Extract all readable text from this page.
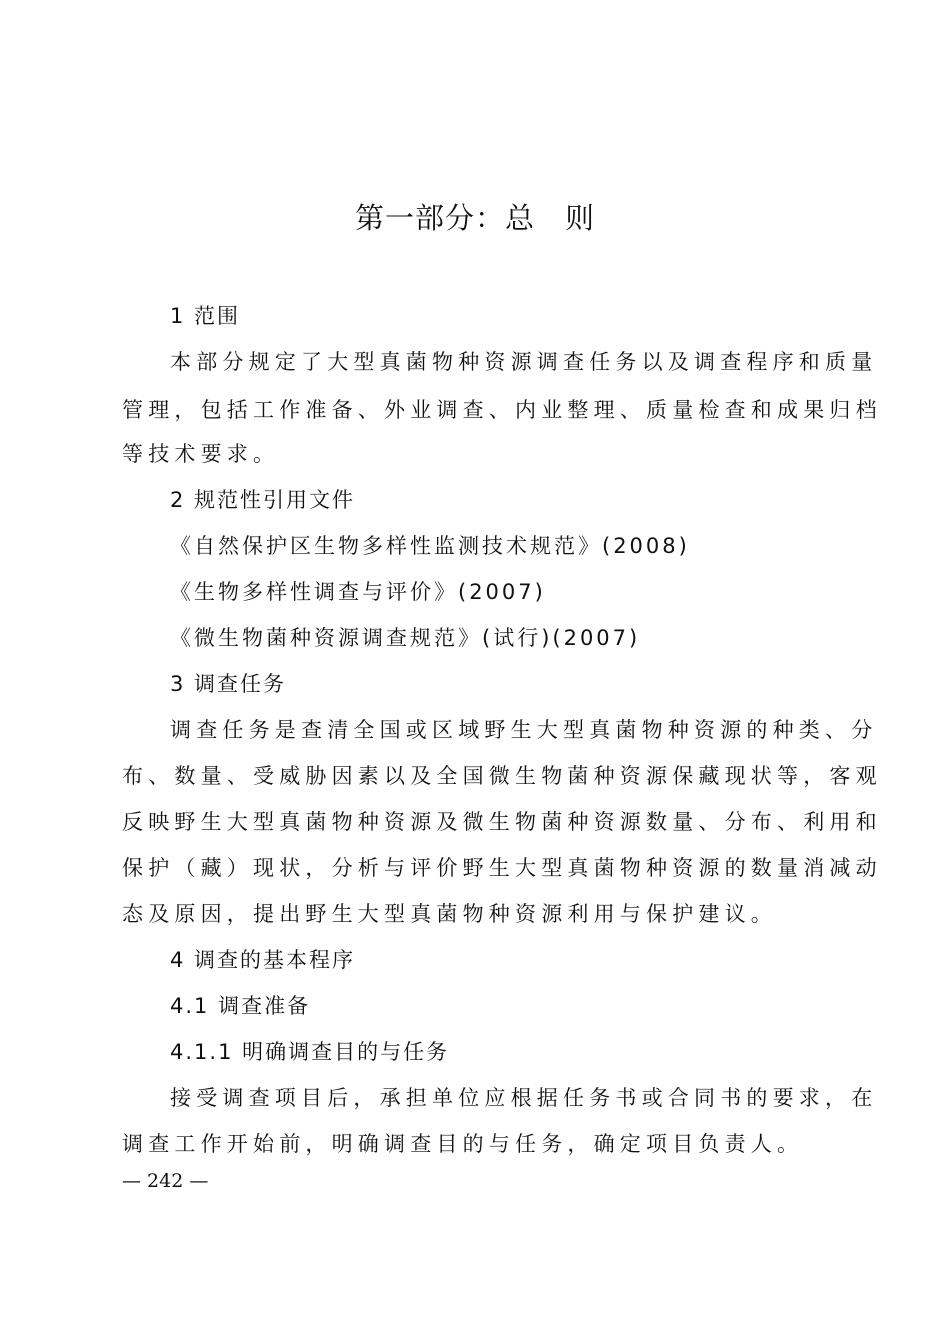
第一部分：总　则
1 范围
本部分规定了大型真菌物种资源调查任务以及调查程序和质量
管理，包括工作准备、外业调查、内业整理、质量检查和成果归档
等技术要求。
2 规范性引用文件
《自然保护区生物多样性监测技术规范》(2008)
《生物多样性调查与评价》(2007)
《微生物菌种资源调查规范》(试行)(2007)
3 调查任务
调查任务是查清全国或区域野生大型真菌物种资源的种类、分
布、数量、受威胁因素以及全国微生物菌种资源保藏现状等，客观
反映野生大型真菌物种资源及微生物菌种资源数量、分布、利用和
保护（藏）现状，分析与评价野生大型真菌物种资源的数量消减动
态及原因，提出野生大型真菌物种资源利用与保护建议。
4 调查的基本程序
4.1 调查准备
4.1.1 明确调查目的与任务
接受调查项目后，承担单位应根据任务书或合同书的要求，在
调查工作开始前，明确调查目的与任务，确定项目负责人。
— 242 —
